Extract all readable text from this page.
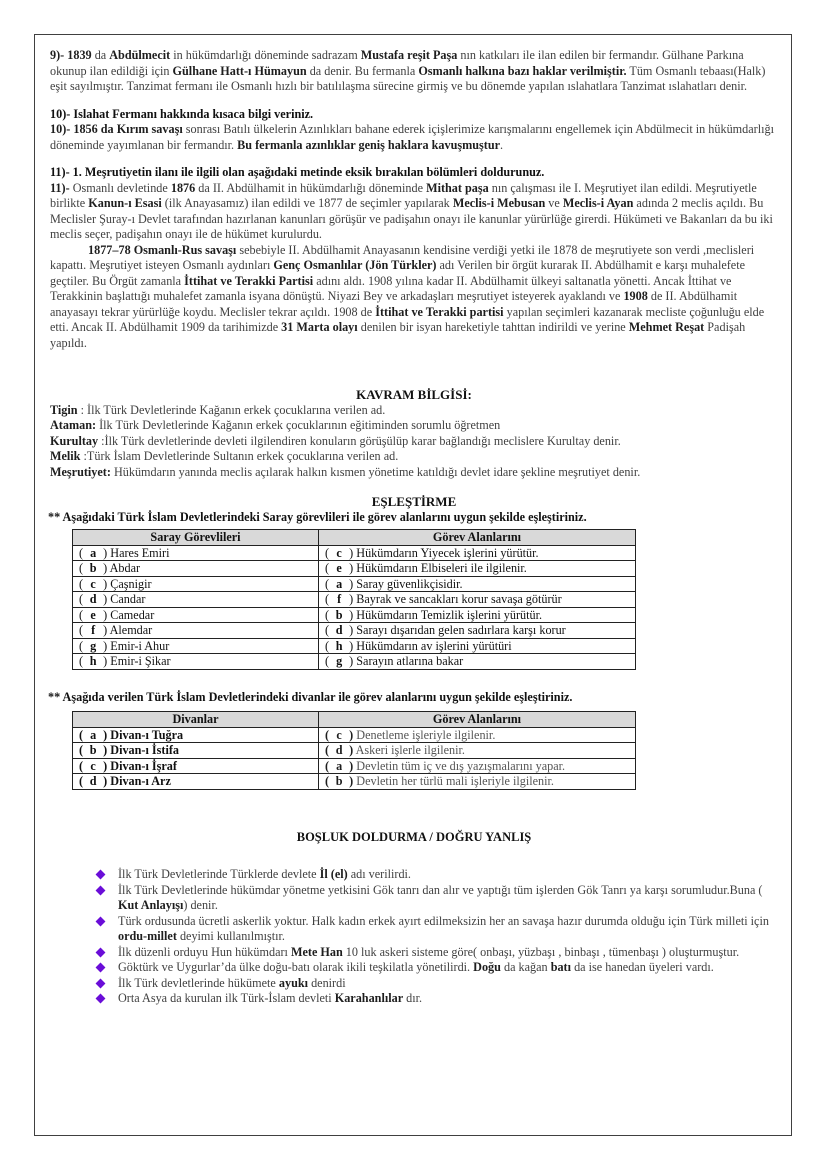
9)- 1839 da Abdülmecit in hükümdarlığı döneminde sadrazam Mustafa reşit Paşa nın katkıları ile ilan edilen bir fermandır. Gülhane Parkına okunup ilan edildiği için Gülhane Hatt-ı Hümayun da denir. Bu fermanla Osmanlı halkına bazı haklar verilmiştir. Tüm Osmanlı tebaası(Halk) eşit sayılmıştır. Tanzimat fermanı ile Osmanlı hızlı bir batılılaşma sürecine girmiş ve bu dönemde yapılan ıslahatlara Tanzimat ıslahatları denir.

10)- Islahat Fermanı hakkında kısaca bilgi veriniz.

10)- 1856 da Kırım savaşı sonrası Batılı ülkelerin Azınlıkları bahane ederek içişlerimize karışmalarını engellemek için Abdülmecit in hükümdarlığı döneminde yayımlanan bir fermandır. Bu fermanla azınlıklar geniş haklara kavuşmuştur.

11)- 1. Meşrutiyetin ilanı ile ilgili olan aşağıdaki metinde eksik bırakılan bölümleri doldurunuz.

11)- Osmanlı devletinde 1876 da II. Abdülhamit in hükümdarlığı döneminde Mithat paşa nın çalışması ile I. Meşrutiyet ilan edildi. Meşrutiyetle birlikte Kanun-ı Esasi (ilk Anayasamız) ilan edildi ve 1877 de seçimler yapılarak Meclis-i Mebusan ve Meclis-i Ayan adında 2 meclis açıldı. Bu Meclisler Şuray-ı Devlet tarafından hazırlanan kanunları görüşür ve padişahın onayı ile kanunlar yürürlüğe girerdi. Hükümeti ve Bakanları da bu iki meclis seçer, padişahın onayı ile de hükümet kurulurdu.

1877–78 Osmanlı-Rus savaşı sebebiyle II. Abdülhamit Anayasanın kendisine verdiği yetki ile 1878 de meşrutiyete son verdi ,meclisleri kapattı. Meşrutiyet isteyen Osmanlı aydınları Genç Osmanlılar (Jön Türkler) adı Verilen bir örgüt kurarak II. Abdülhamit e karşı muhalefete geçtiler. Bu Örgüt zamanla İttihat ve Terakki Partisi adını aldı. 1908 yılına kadar II. Abdülhamit ülkeyi saltanatla yönetti. Ancak İttihat ve Terakkinin başlattığı muhalefet zamanla isyana dönüştü. Niyazi Bey ve arkadaşları meşrutiyet isteyerek ayaklandı ve 1908 de II. Abdülhamit anayasayı tekrar yürürlüğe koydu. Meclisler tekrar açıldı. 1908 de İttihat ve Terakki partisi yapılan seçimleri kazanarak mecliste çoğunluğu elde etti. Ancak II. Abdülhamit 1909 da tarihimizde 31 Marta olayı denilen bir isyan hareketiyle tahttan indirildi ve yerine Mehmet Reşat Padişah yapıldı.

KAVRAM BİLGİSİ:

Tigin : İlk Türk Devletlerinde Kağanın erkek çocuklarına verilen ad.

Ataman: İlk Türk Devletlerinde Kağanın erkek çocuklarının eğitiminden sorumlu öğretmen

Kurultay :İlk Türk devletlerinde devleti ilgilendiren konuların görüşülüp karar bağlandığı meclislere Kurultay denir.

Melik :Türk İslam Devletlerinde Sultanın erkek çocuklarına verilen ad.

Meşrutiyet: Hükümdarın yanında meclis açılarak halkın kısmen yönetime katıldığı devlet idare şekline meşrutiyet denir.

EŞLEŞTİRME

** Aşağıdaki Türk İslam Devletlerindeki Saray görevlileri ile görev alanlarını uygun şekilde eşleştiriniz.

Saray Görevlileri	Görev Alanlarını
( a ) Hares Emiri	( c ) Hükümdarın Yiyecek işlerini yürütür.
( b ) Abdar	( e ) Hükümdarın Elbiseleri ile ilgilenir.
( c ) Çaşnigir	( a ) Saray güvenlikçisidir.
( d ) Candar	( f ) Bayrak ve sancakları korur savaşa götürür
( e ) Camedar	( b ) Hükümdarın Temizlik işlerini yürütür.
( f ) Alemdar	( d ) Sarayı dışarıdan gelen sadırlara karşı korur
( g ) Emir-i Ahur	( h ) Hükümdarın av işlerini yürütüri
( h ) Emir-i Şikar	( g ) Sarayın atlarına bakar

** Aşağıda verilen Türk İslam Devletlerindeki divanlar ile görev alanlarını uygun şekilde eşleştiriniz.

Divanlar	Görev Alanlarını
( a ) Divan-ı Tuğra	( c ) Denetleme işleriyle ilgilenir.
( b ) Divan-ı İstifa	( d ) Askeri işlerle ilgilenir.
( c ) Divan-ı İşraf	( a ) Devletin tüm iç ve dış yazışmalarını yapar.
( d ) Divan-ı Arz	( b ) Devletin her türlü mali işleriyle ilgilenir.

BOŞLUK DOLDURMA / DOĞRU YANLIŞ

İlk Türk Devletlerinde Türklerde devlete İl (el) adı verilirdi.
İlk Türk Devletlerinde hükümdar yönetme yetkisini Gök tanrı dan alır ve yaptığı tüm işlerden Gök Tanrı ya karşı sorumludur.Buna ( Kut Anlayışı) denir.
Türk ordusunda ücretli askerlik yoktur. Halk kadın erkek ayırt edilmeksizin her an savaşa hazır durumda olduğu için Türk milleti için ordu-millet deyimi kullanılmıştır.
İlk düzenli orduyu Hun hükümdarı Mete Han 10 luk askeri sisteme göre( onbaşı, yüzbaşı , binbaşı , tümenbaşı ) oluşturmuştur.
Göktürk ve Uygurlar’da ülke doğu-batı olarak ikili teşkilatla yönetilirdi. Doğu da kağan batı da ise hanedan üyeleri vardı.
İlk Türk devletlerinde hükümete ayukı denirdi
Orta Asya da kurulan ilk Türk-İslam devleti Karahanlılar dır.
